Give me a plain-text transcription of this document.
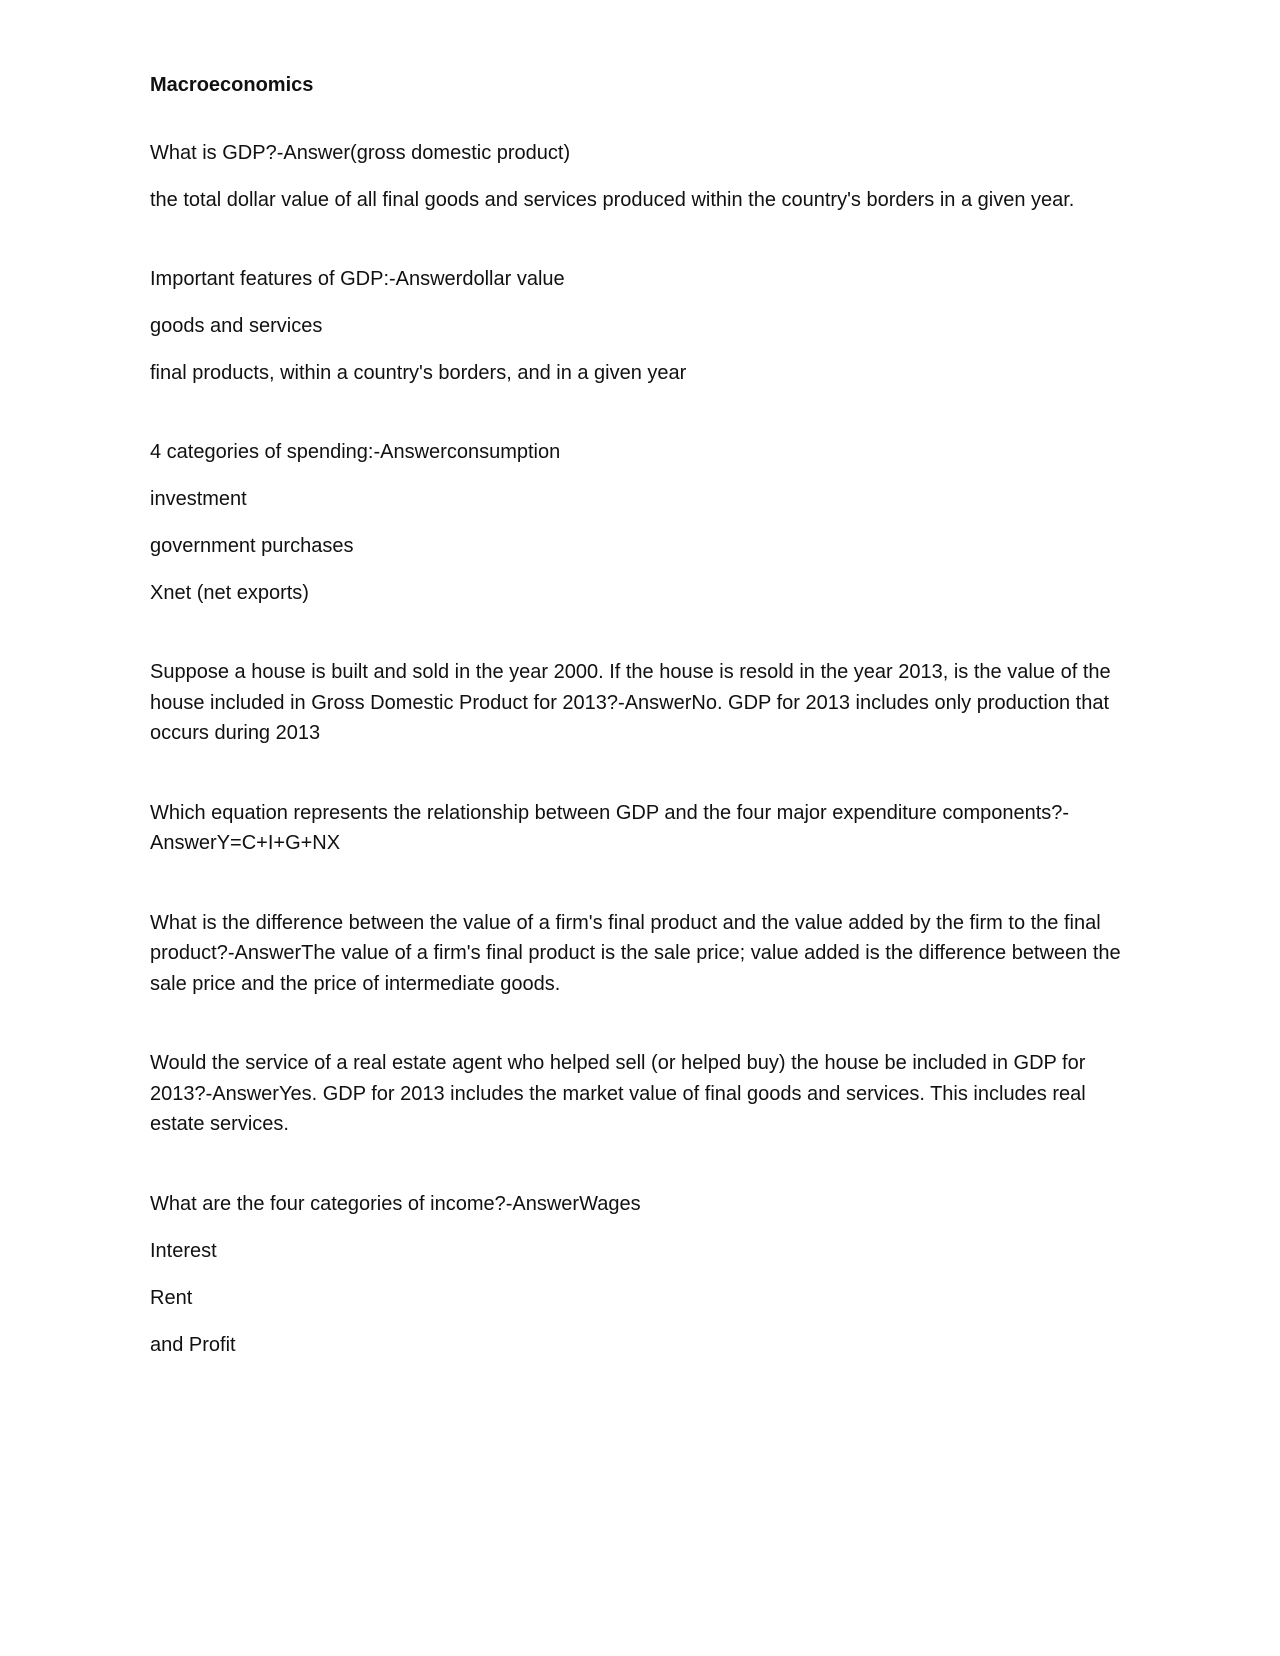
Macroeconomics
What is GDP?-Answer(gross domestic product)
the total dollar value of all final goods and services produced within the country's borders in a given year.
Important features of GDP:-Answerdollar value
goods and services
final products, within a country's borders, and in a given year
4 categories of spending:-Answerconsumption
investment
government purchases
Xnet (net exports)

Suppose a house is built and sold in the year 2000. If the house is resold in the year 2013, is the value of the house included in Gross Domestic Product for 2013?-AnswerNo. GDP for 2013 includes only production that occurs during 2013

Which equation represents the relationship between GDP and the four major expenditure components?-AnswerY=C+I+G+NX

What is the difference between the value of a firm's final product and the value added by the firm to the final product?-AnswerThe value of a firm's final product is the sale price; value added is the difference between the sale price and the price of intermediate goods.

Would the service of a real estate agent who helped sell (or helped buy) the house be included in GDP for 2013?-AnswerYes. GDP for 2013 includes the market value of final goods and services. This includes real estate services.

What are the four categories of income?-AnswerWages
Interest
Rent
and Profit
